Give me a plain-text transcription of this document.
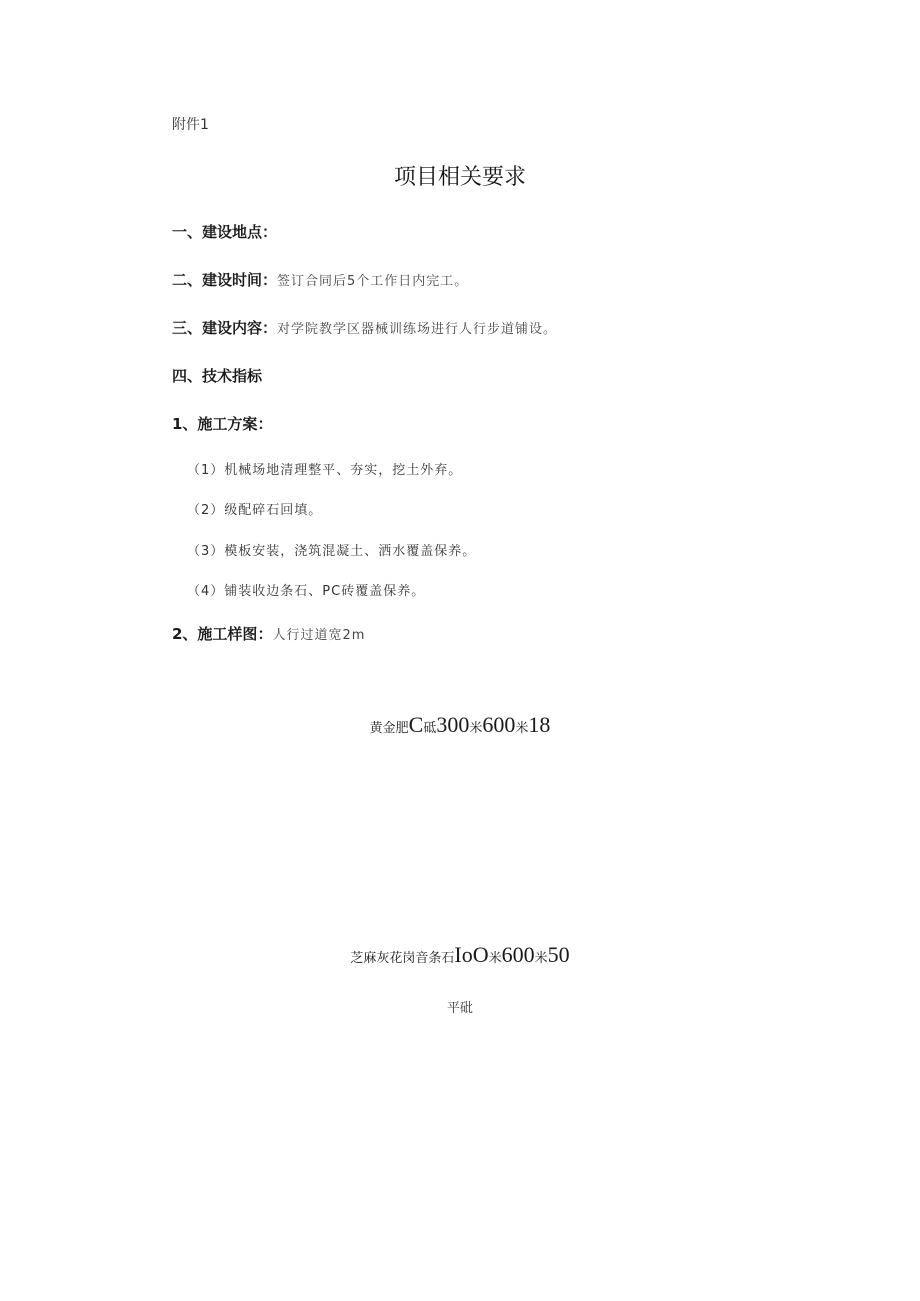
附件1
项目相关要求
一、建设地点：
二、建设时间：签订合同后5个工作日内完工。
三、建设内容：对学院教学区器械训练场进行人行步道铺设。
四、技术指标
1、施工方案：
（1）机械场地清理整平、夯实，挖土外弃。
（2）级配碎石回填。
（3）模板安装，浇筑混凝土、洒水覆盖保养。
（4）铺装收边条石、PC砖覆盖保养。
2、施工样图：人行过道宽2m
黄金肥C砥300米600米18
芝麻灰花岗音条石IoO米600米50
平砒
